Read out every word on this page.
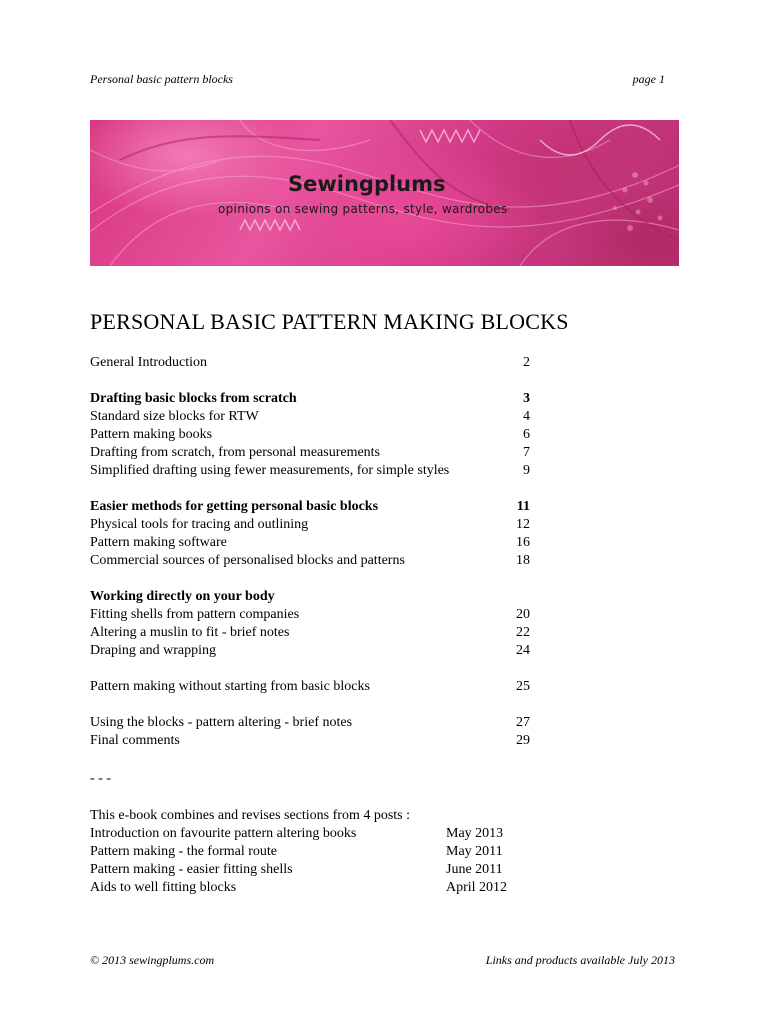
Personal basic pattern blocks	page 1
Sewingplums
opinions on sewing patterns, style, wardrobes
PERSONAL BASIC PATTERN MAKING BLOCKS
General Introduction	2
Drafting basic blocks from scratch	3
Standard size blocks for RTW	4
Pattern making books	6
Drafting from scratch, from personal measurements	7
Simplified drafting using fewer measurements, for simple styles	9
Easier methods for getting personal basic blocks	11
Physical tools for tracing and outlining	12
Pattern making software	16
Commercial sources of personalised blocks and patterns	18
Working directly on your body
Fitting shells from pattern companies	20
Altering a muslin to fit - brief notes	22
Draping and wrapping	24
Pattern making without starting from basic blocks	25
Using the blocks - pattern altering - brief notes	27
Final comments	29
- - -
This e-book combines and revises sections from 4 posts :
Introduction on favourite pattern altering books	May 2013
Pattern making - the formal route	May 2011
Pattern making - easier fitting shells	June 2011
Aids to well fitting blocks	April 2012
© 2013 sewingplums.com	Links and products available July 2013
